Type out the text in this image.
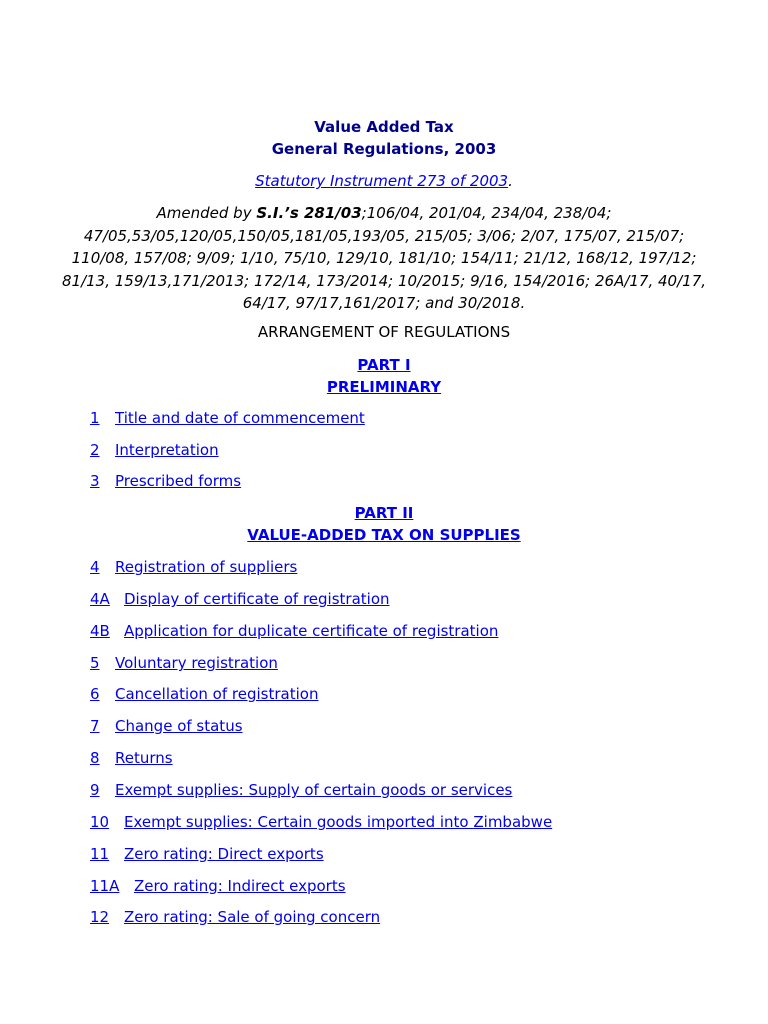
Value Added Tax
General Regulations, 2003
Statutory Instrument 273 of 2003.
Amended by S.I.’s 281/03;106/04, 201/04, 234/04, 238/04; 47/05,53/05,120/05,150/05,181/05,193/05, 215/05; 3/06; 2/07, 175/07, 215/07; 110/08, 157/08; 9/09; 1/10, 75/10, 129/10, 181/10; 154/11; 21/12, 168/12, 197/12; 81/13, 159/13,171/2013; 172/14, 173/2014; 10/2015; 9/16, 154/2016; 26A/17, 40/17, 64/17, 97/17,161/2017; and 30/2018.
ARRANGEMENT OF REGULATIONS
PART I
PRELIMINARY
1 Title and date of commencement
2 Interpretation
3 Prescribed forms
PART II
VALUE-ADDED TAX ON SUPPLIES
4 Registration of suppliers
4A Display of certificate of registration
4B Application for duplicate certificate of registration
5 Voluntary registration
6 Cancellation of registration
7 Change of status
8 Returns
9 Exempt supplies: Supply of certain goods or services
10 Exempt supplies: Certain goods imported into Zimbabwe
11 Zero rating: Direct exports
11A Zero rating: Indirect exports
12 Zero rating: Sale of going concern
